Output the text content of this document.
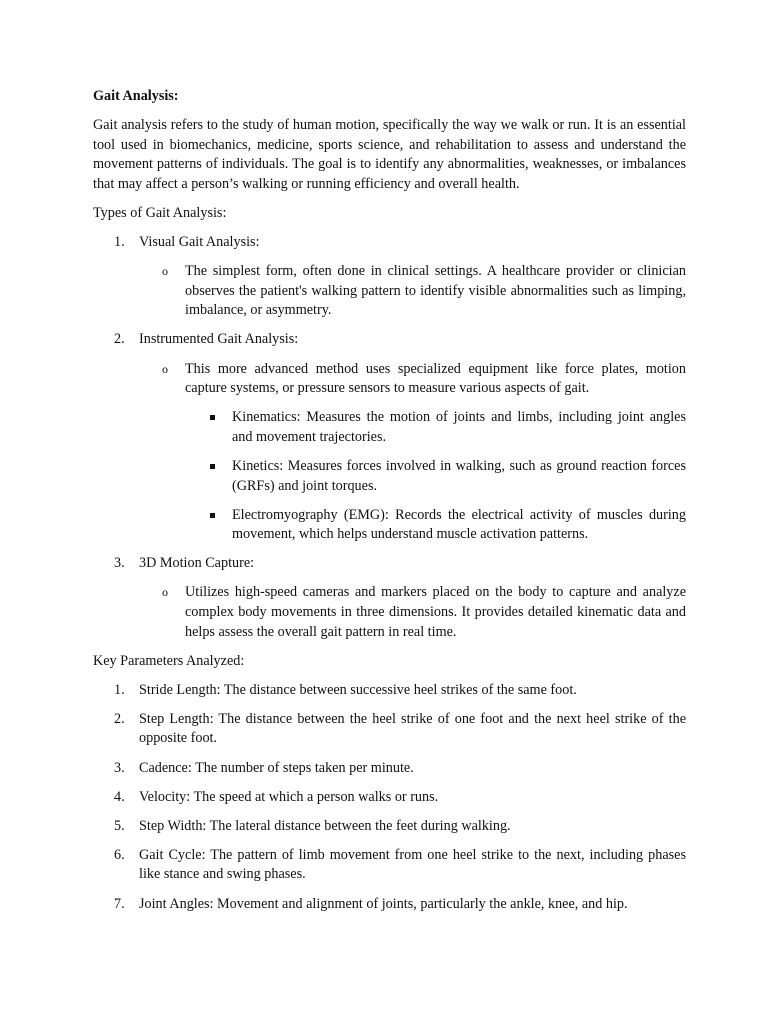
Gait Analysis:

Gait analysis refers to the study of human motion, specifically the way we walk or run. It is an essential tool used in biomechanics, medicine, sports science, and rehabilitation to assess and understand the movement patterns of individuals. The goal is to identify any abnormalities, weaknesses, or imbalances that may affect a person’s walking or running efficiency and overall health.

Types of Gait Analysis:

1. Visual Gait Analysis:
o The simplest form, often done in clinical settings. A healthcare provider or clinician observes the patient's walking pattern to identify visible abnormalities such as limping, imbalance, or asymmetry.
2. Instrumented Gait Analysis:
o This more advanced method uses specialized equipment like force plates, motion capture systems, or pressure sensors to measure various aspects of gait.
Kinematics: Measures the motion of joints and limbs, including joint angles and movement trajectories.
Kinetics: Measures forces involved in walking, such as ground reaction forces (GRFs) and joint torques.
Electromyography (EMG): Records the electrical activity of muscles during movement, which helps understand muscle activation patterns.
3. 3D Motion Capture:
o Utilizes high-speed cameras and markers placed on the body to capture and analyze complex body movements in three dimensions. It provides detailed kinematic data and helps assess the overall gait pattern in real time.

Key Parameters Analyzed:

1. Stride Length: The distance between successive heel strikes of the same foot.
2. Step Length: The distance between the heel strike of one foot and the next heel strike of the opposite foot.
3. Cadence: The number of steps taken per minute.
4. Velocity: The speed at which a person walks or runs.
5. Step Width: The lateral distance between the feet during walking.
6. Gait Cycle: The pattern of limb movement from one heel strike to the next, including phases like stance and swing phases.
7. Joint Angles: Movement and alignment of joints, particularly the ankle, knee, and hip.
